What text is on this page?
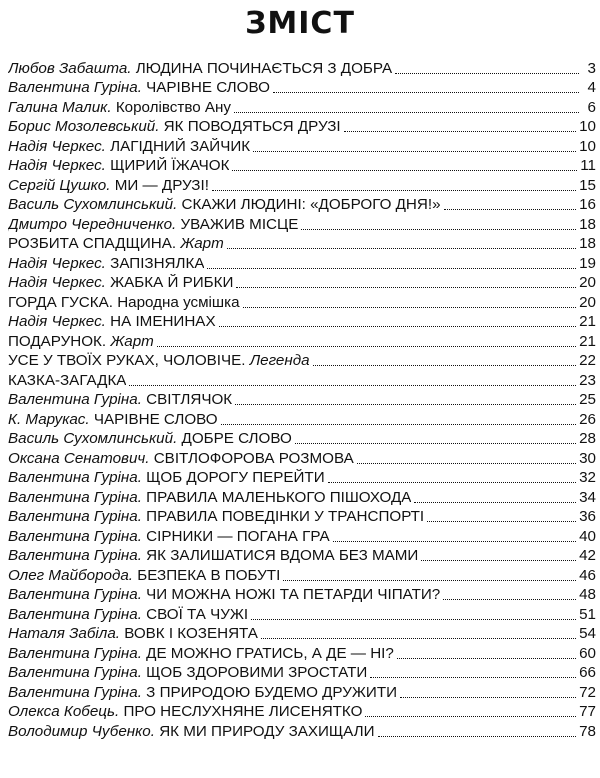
ЗМІСТ
Любов Забашта. ЛЮДИНА ПОЧИНАЄТЬСЯ З ДОБРА	3
Валентина Гуріна. ЧАРІВНЕ СЛОВО	4
Галина Малик. Королівство Ану	6
Борис Мозолевський. ЯК ПОВОДЯТЬСЯ ДРУЗІ	10
Надія Черкес. ЛАГІДНИЙ ЗАЙЧИК	10
Надія Черкес. ЩИРИЙ ЇЖАЧОК	11
Сергій Цушко. МИ — ДРУЗІ!	15
Василь Сухомлинський. СКАЖИ ЛЮДИНІ: «ДОБРОГО ДНЯ!»	16
Дмитро Чередниченко. УВАЖИВ МІСЦЕ	18
РОЗБИТА СПАДЩИНА. Жарт	18
Надія Черкес. ЗАПІЗНЯЛКА	19
Надія Черкес. ЖАБКА Й РИБКИ	20
ГОРДА ГУСКА. Народна усмішка	20
Надія Черкес. НА ІМЕНИНАХ	21
ПОДАРУНОК. Жарт	21
УСЕ У ТВОЇХ РУКАХ, ЧОЛОВІЧЕ. Легенда	22
КАЗКА-ЗАГАДКА	23
Валентина Гуріна. СВІТЛЯЧОК	25
К. Марукас. ЧАРІВНЕ СЛОВО	26
Василь Сухомлинський. ДОБРЕ СЛОВО	28
Оксана Сенатович. СВІТЛОФОРОВА РОЗМОВА	30
Валентина Гуріна. ЩОБ ДОРОГУ ПЕРЕЙТИ	32
Валентина Гуріна. ПРАВИЛА МАЛЕНЬКОГО ПІШОХОДА	34
Валентина Гуріна. ПРАВИЛА ПОВЕДІНКИ У ТРАНСПОРТІ	36
Валентина Гуріна. СІРНИКИ — ПОГАНА ГРА	40
Валентина Гуріна. ЯК ЗАЛИШАТИСЯ ВДОМА БЕЗ МАМИ	42
Олег Майборода. БЕЗПЕКА В ПОБУТІ	46
Валентина Гуріна. ЧИ МОЖНА НОЖІ ТА ПЕТАРДИ ЧІПАТИ?	48
Валентина Гуріна. СВОЇ ТА ЧУЖІ	51
Наталя Забіла. ВОВК І КОЗЕНЯТА	54
Валентина Гуріна. ДЕ МОЖНО ГРАТИСЬ, А ДЕ — НІ?	60
Валентина Гуріна. ЩОБ ЗДОРОВИМИ ЗРОСТАТИ	66
Валентина Гуріна. З ПРИРОДОЮ БУДЕМО ДРУЖИТИ	72
Олекса Кобець. ПРО НЕСЛУХНЯНЕ ЛИСЕНЯТКО	77
Володимир Чубенко. ЯК МИ ПРИРОДУ ЗАХИЩАЛИ	78
